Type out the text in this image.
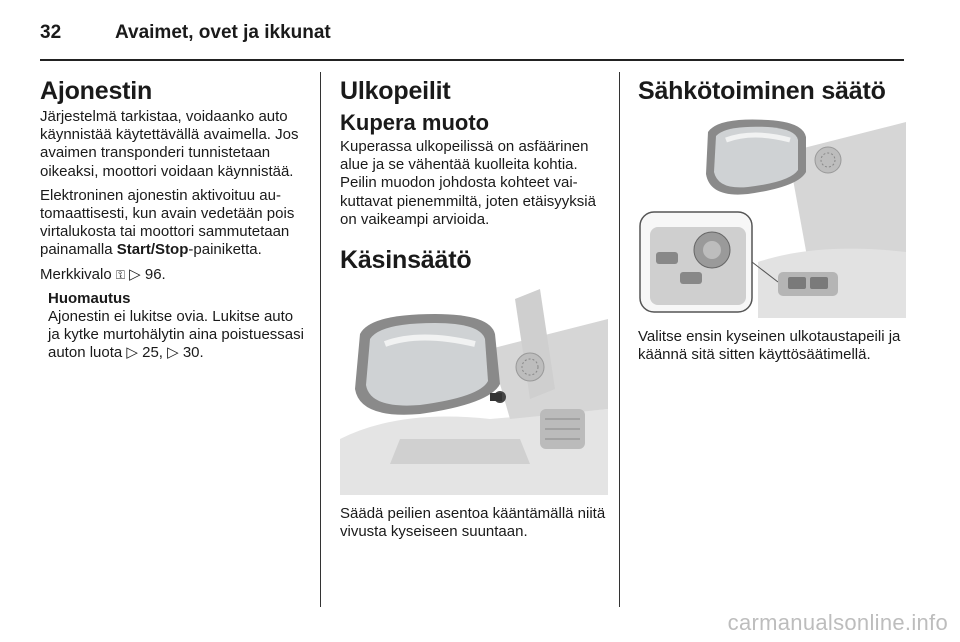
32	Avaimet, ovet ja ikkunat
Ajonestin

Järjestelmä tarkistaa, voidaanko auto käynnistää käytettävällä avaimella. Jos avaimen transponderi tunnistetaan oikeaksi, moottori voidaan käynnistää.

Elektroninen ajonestin aktivoituu automaattisesti, kun avain vedetään pois virtalukosta tai moottori sammutetaan painamalla Start/Stop-painiketta.

Merkkivalo ⚿ ▷ 96.

Huomautus
Ajonestin ei lukitse ovia. Lukitse auto ja kytke murtohälytin aina poistuessasi auton luota ▷ 25, ▷ 30.
Ulkopeilit
Kupera muoto

Kuperassa ulkopeilissä on asfäärinen alue ja se vähentää kuolleita kohtia. Peilin muodon johdosta kohteet vaikuttavat pienemmiltä, joten etäisyyksiä on vaikeampi arvioida.

Käsinsäätö

Säädä peilien asentoa kääntämällä niitä vivusta kyseiseen suuntaan.

Sähkötoiminen säätö

Valitse ensin kyseinen ulkotaustapeili ja käännä sitä sitten käyttösäätimellä.

carmanualsonline.info
